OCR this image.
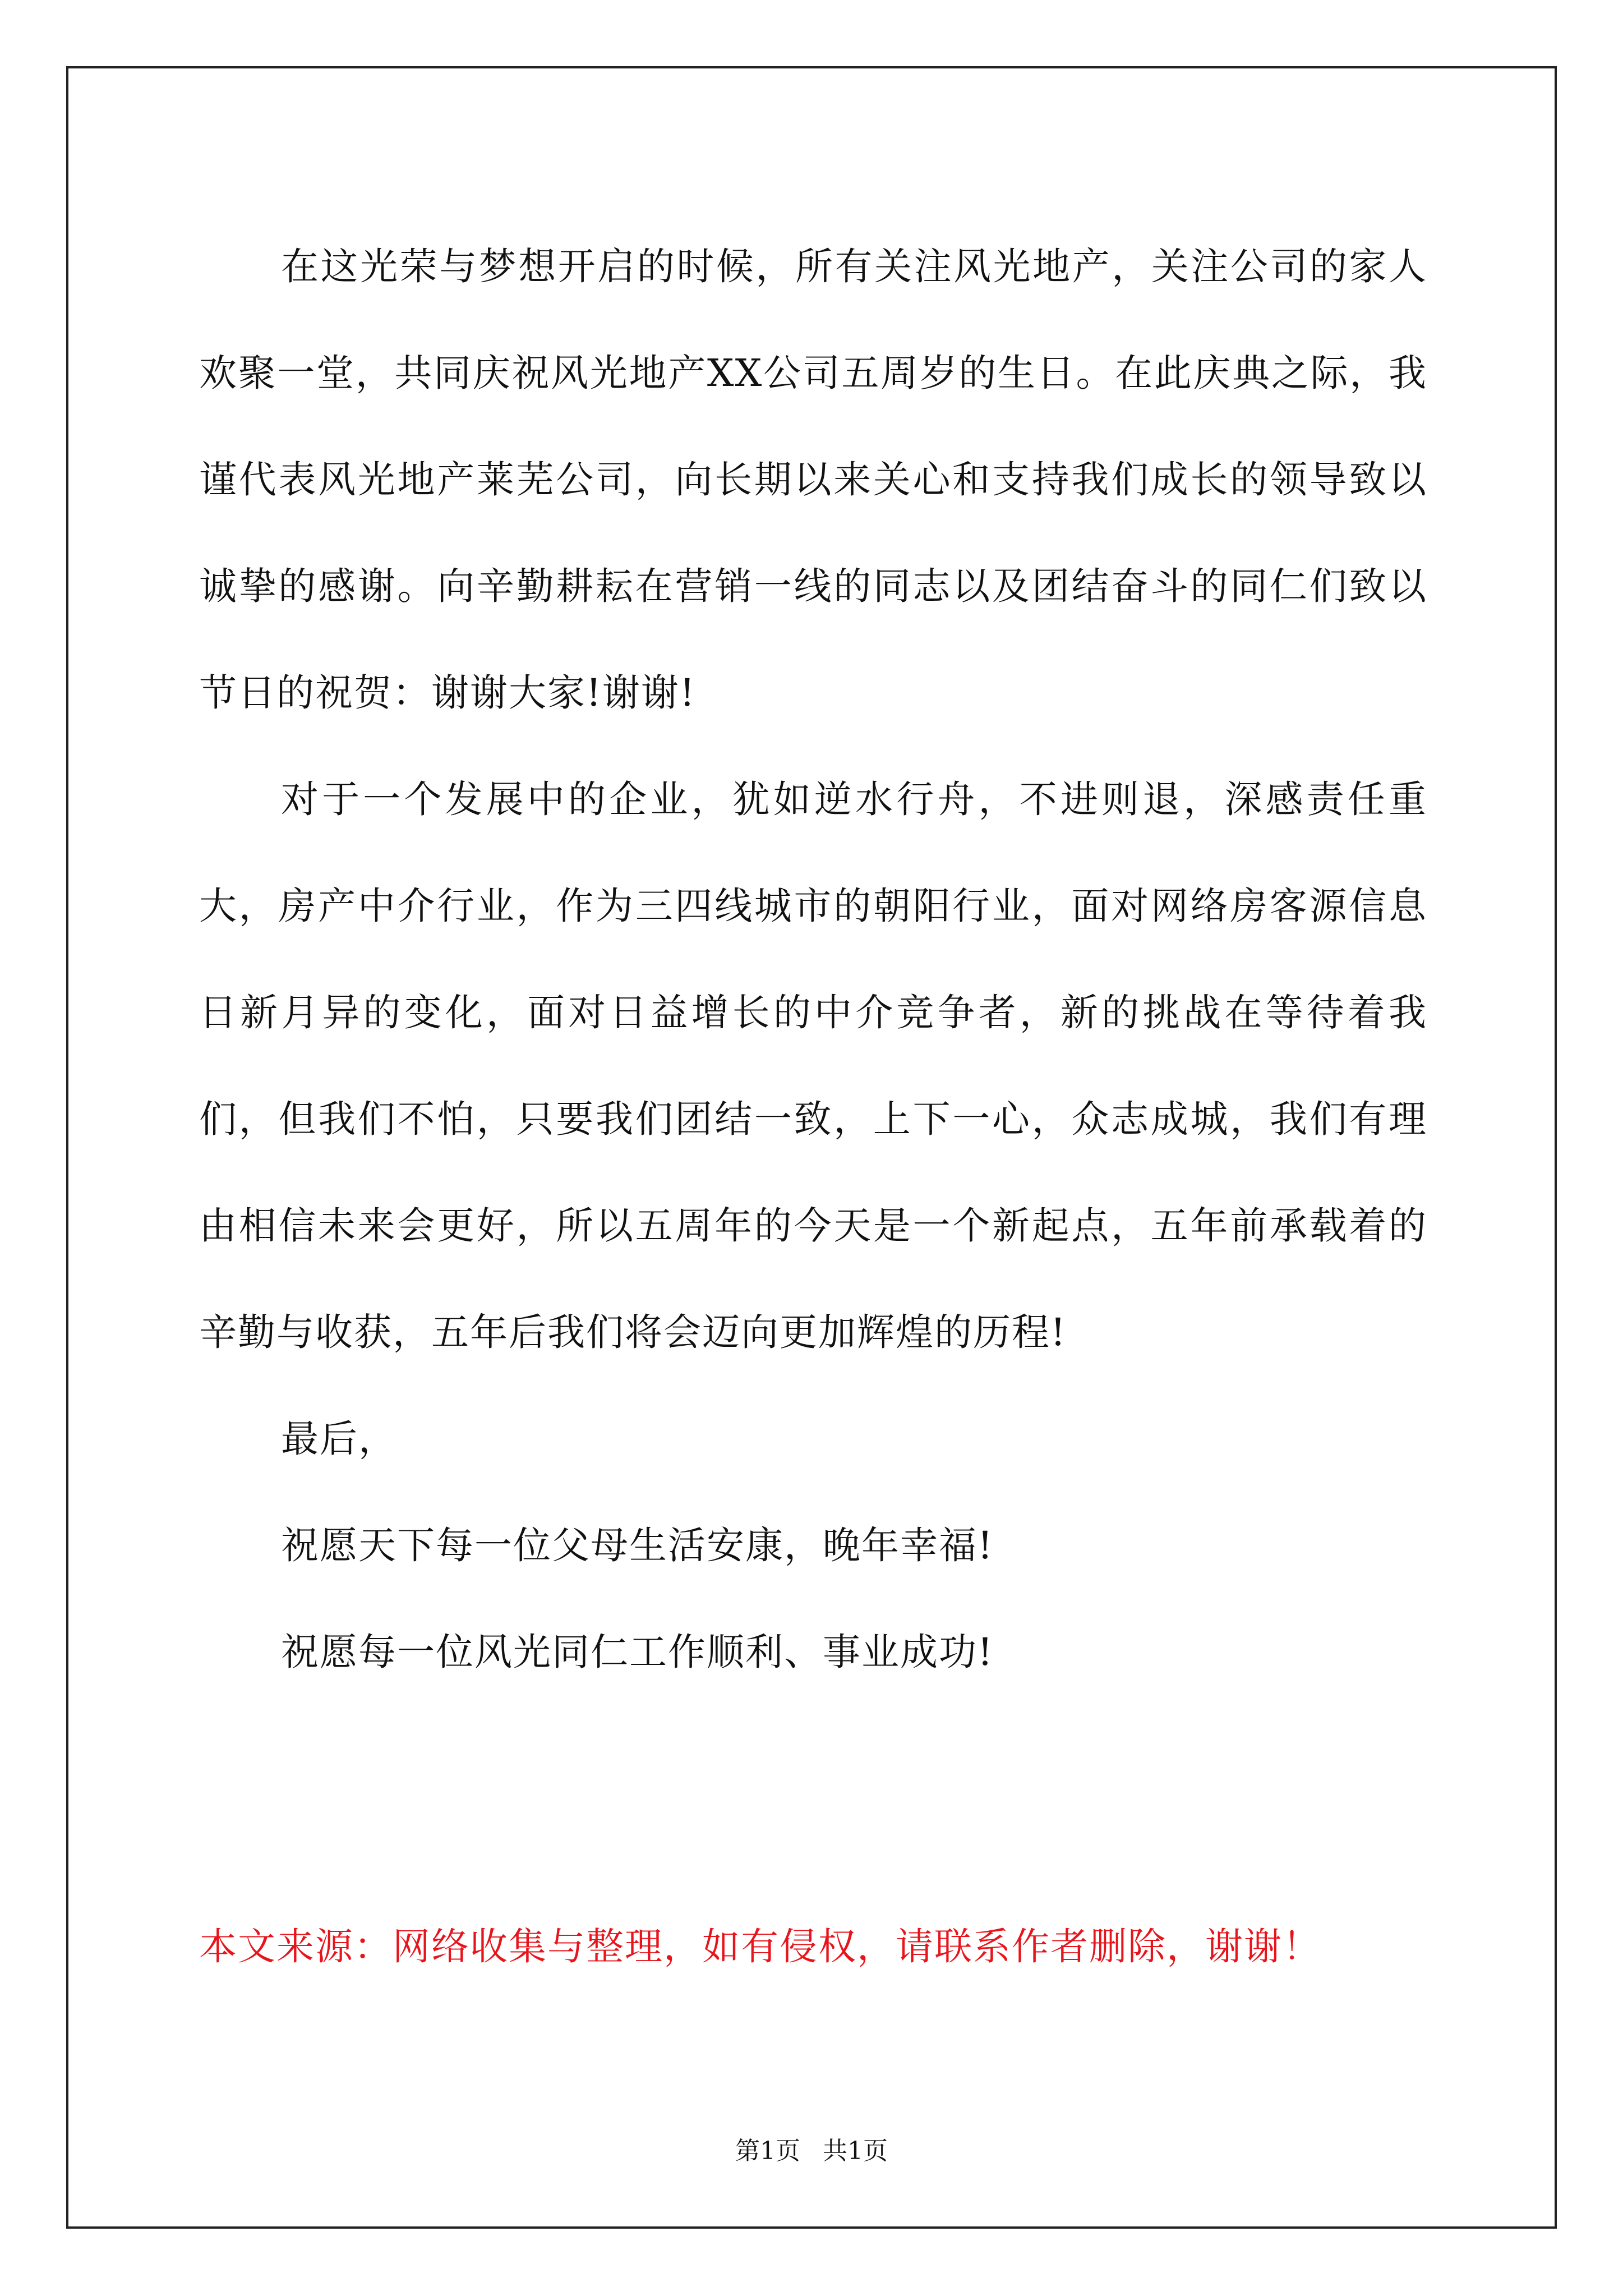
在这光荣与梦想开启的时候，所有关注风光地产，关注公司的家人欢聚一堂，共同庆祝风光地产XX公司五周岁的生日。在此庆典之际，我谨代表风光地产莱芜公司，向长期以来关心和支持我们成长的领导致以诚挚的感谢。向辛勤耕耘在营销一线的同志以及团结奋斗的同仁们致以节日的祝贺：谢谢大家!谢谢!

对于一个发展中的企业，犹如逆水行舟，不进则退，深感责任重大，房产中介行业，作为三四线城市的朝阳行业，面对网络房客源信息日新月异的变化，面对日益增长的中介竞争者，新的挑战在等待着我们，但我们不怕，只要我们团结一致，上下一心，众志成城，我们有理由相信未来会更好，所以五周年的今天是一个新起点，五年前承载着的辛勤与收获，五年后我们将会迈向更加辉煌的历程!

最后，

祝愿天下每一位父母生活安康，晚年幸福!

祝愿每一位风光同仁工作顺利、事业成功!

本文来源：网络收集与整理，如有侵权，请联系作者删除，谢谢！

第1页 共1页
